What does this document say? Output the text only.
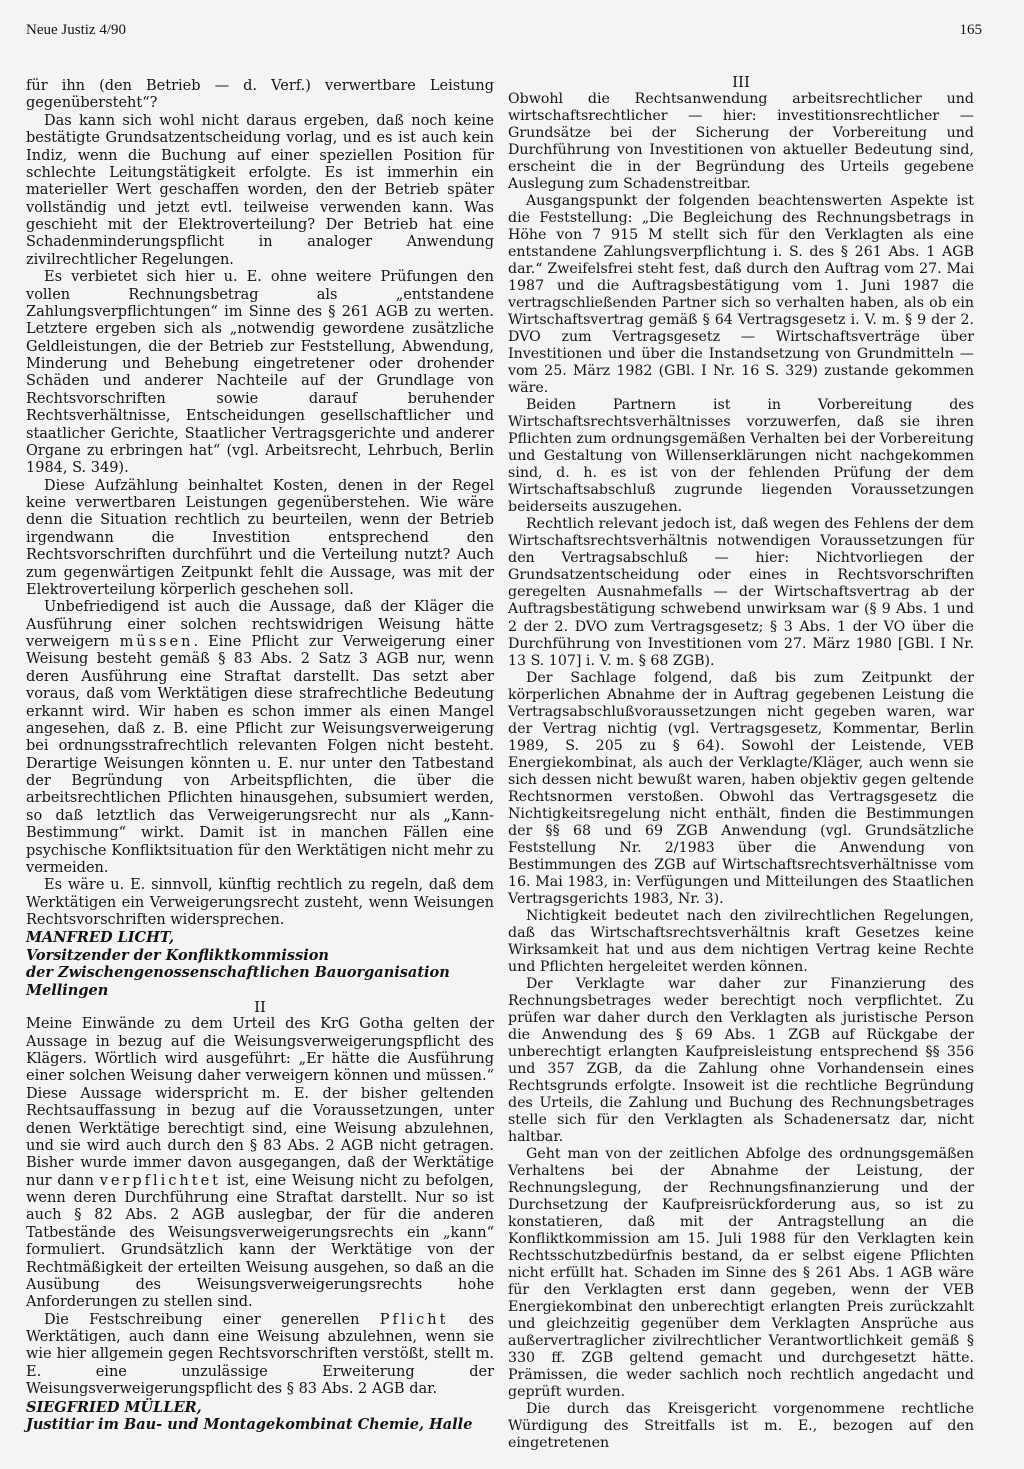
Neue Justiz 4/90	165

für ihn (den Betrieb — d. Verf.) verwertbare Leistung gegenübersteht“?

Das kann sich wohl nicht daraus ergeben, daß noch keine bestätigte Grundsatzentscheidung vorlag, und es ist auch kein Indiz, wenn die Buchung auf einer speziellen Position für schlechte Leitungstätigkeit erfolgte. Es ist immerhin ein materieller Wert geschaffen worden, den der Betrieb später vollständig und jetzt evtl. teilweise verwenden kann. Was geschieht mit der Elektroverteilung? Der Betrieb hat eine Schadenminderungspflicht in analoger Anwendung zivilrechtlicher Regelungen.

Es verbietet sich hier u. E. ohne weitere Prüfungen den vollen Rechnungsbetrag als „entstandene Zahlungsverpflichtungen“ im Sinne des § 261 AGB zu werten. Letztere ergeben sich als „notwendig gewordene zusätzliche Geldleistungen, die der Betrieb zur Feststellung, Abwendung, Minderung und Behebung eingetretener oder drohender Schäden und anderer Nachteile auf der Grundlage von Rechtsvorschriften sowie darauf beruhender Rechtsverhältnisse, Entscheidungen gesellschaftlicher und staatlicher Gerichte, Staatlicher Vertragsgerichte und anderer Organe zu erbringen hat“ (vgl. Arbeitsrecht, Lehrbuch, Berlin 1984, S. 349).

Diese Aufzählung beinhaltet Kosten, denen in der Regel keine verwertbaren Leistungen gegenüberstehen. Wie wäre denn die Situation rechtlich zu beurteilen, wenn der Betrieb irgendwann die Investition entsprechend den Rechtsvorschriften durchführt und die Verteilung nutzt? Auch zum gegenwärtigen Zeitpunkt fehlt die Aussage, was mit der Elektroverteilung körperlich geschehen soll.

Unbefriedigend ist auch die Aussage, daß der Kläger die Ausführung einer solchen rechtswidrigen Weisung hätte verweigern müssen. Eine Pflicht zur Verweigerung einer Weisung besteht gemäß § 83 Abs. 2 Satz 3 AGB nur, wenn deren Ausführung eine Straftat darstellt. Das setzt aber voraus, daß vom Werktätigen diese strafrechtliche Bedeutung erkannt wird. Wir haben es schon immer als einen Mangel angesehen, daß z. B. eine Pflicht zur Weisungsverweigerung bei ordnungsstrafrechtlich relevanten Folgen nicht besteht. Derartige Weisungen könnten u. E. nur unter den Tatbestand der Begründung von Arbeitspflichten, die über die arbeitsrechtlichen Pflichten hinausgehen, subsumiert werden, so daß letztlich das Verweigerungsrecht nur als „Kann-Bestimmung“ wirkt. Damit ist in manchen Fällen eine psychische Konfliktsituation für den Werktätigen nicht mehr zu vermeiden.

Es wäre u. E. sinnvoll, künftig rechtlich zu regeln, daß dem Werktätigen ein Verweigerungsrecht zusteht, wenn Weisungen Rechtsvorschriften widersprechen.

MANFRED LICHT,

Vorsitzender der Konfliktkommission

der Zwischengenossenschaftlichen Bauorganisation Mellingen

II

Meine Einwände zu dem Urteil des KrG Gotha gelten der Aussage in bezug auf die Weisungsverweigerungspflicht des Klägers. Wörtlich wird ausgeführt: „Er hätte die Ausführung einer solchen Weisung daher verweigern können und müssen.“ Diese Aussage widerspricht m. E. der bisher geltenden Rechtsauffassung in bezug auf die Voraussetzungen, unter denen Werktätige berechtigt sind, eine Weisung abzulehnen, und sie wird auch durch den § 83 Abs. 2 AGB nicht getragen. Bisher wurde immer davon ausgegangen, daß der Werktätige nur dann verpflichtet ist, eine Weisung nicht zu befolgen, wenn deren Durchführung eine Straftat darstellt. Nur so ist auch § 82 Abs. 2 AGB auslegbar, der für die anderen Tatbestände des Weisungsverweigerungsrechts ein „kann“ formuliert. Grundsätzlich kann der Werktätige von der Rechtmäßigkeit der erteilten Weisung ausgehen, so daß an die Ausübung des Weisungsverweigerungsrechts hohe Anforderungen zu stellen sind.

Die Festschreibung einer generellen Pflicht des Werktätigen, auch dann eine Weisung abzulehnen, wenn sie wie hier allgemein gegen Rechtsvorschriften verstößt, stellt m. E. eine unzulässige Erweiterung der Weisungsverweigerungspflicht des § 83 Abs. 2 AGB dar.

SIEGFRIED MÜLLER,

Justitiar im Bau- und Montagekombinat Chemie, Halle

III

Obwohl die Rechtsanwendung arbeitsrechtlicher und wirtschaftsrechtlicher — hier: investitionsrechtlicher — Grundsätze bei der Sicherung der Vorbereitung und Durchführung von Investitionen von aktueller Bedeutung sind, erscheint die in der Begründung des Urteils gegebene Auslegung zum Schadenstreitbar.

Ausgangspunkt der folgenden beachtenswerten Aspekte ist die Feststellung: „Die Begleichung des Rechnungsbetrags in Höhe von 7 915 M stellt sich für den Verklagten als eine entstandene Zahlungsverpflichtung i. S. des § 261 Abs. 1 AGB dar.“ Zweifelsfrei steht fest, daß durch den Auftrag vom 27. Mai 1987 und die Auftragsbestätigung vom 1. Juni 1987 die vertragschließenden Partner sich so verhalten haben, als ob ein Wirtschaftsvertrag gemäß § 64 Vertragsgesetz i. V. m. § 9 der 2. DVO zum Vertragsgesetz — Wirtschaftsverträge über Investitionen und über die Instandsetzung von Grundmitteln — vom 25. März 1982 (GBl. I Nr. 16 S. 329) zustande gekommen wäre.

Beiden Partnern ist in Vorbereitung des Wirtschaftsrechtsverhältnisses vorzuwerfen, daß sie ihren Pflichten zum ordnungsgemäßen Verhalten bei der Vorbereitung und Gestaltung von Willenserklärungen nicht nachgekommen sind, d. h. es ist von der fehlenden Prüfung der dem Wirtschaftsabschluß zugrunde liegenden Voraussetzungen beiderseits auszugehen.

Rechtlich relevant jedoch ist, daß wegen des Fehlens der dem Wirtschaftsrechtsverhältnis notwendigen Voraussetzungen für den Vertragsabschluß — hier: Nichtvorliegen der Grundsatzentscheidung oder eines in Rechtsvorschriften geregelten Ausnahmefalls — der Wirtschaftsvertrag ab der Auftragsbestätigung schwebend unwirksam war (§ 9 Abs. 1 und 2 der 2. DVO zum Vertragsgesetz; § 3 Abs. 1 der VO über die Durchführung von Investitionen vom 27. März 1980 [GBl. I Nr. 13 S. 107] i. V. m. § 68 ZGB).

Der Sachlage folgend, daß bis zum Zeitpunkt der körperlichen Abnahme der in Auftrag gegebenen Leistung die Vertragsabschlußvoraussetzungen nicht gegeben waren, war der Vertrag nichtig (vgl. Vertragsgesetz, Kommentar, Berlin 1989, S. 205 zu § 64). Sowohl der Leistende, VEB Energiekombinat, als auch der Verklagte/Kläger, auch wenn sie sich dessen nicht bewußt waren, haben objektiv gegen geltende Rechtsnormen verstoßen. Obwohl das Vertragsgesetz die Nichtigkeitsregelung nicht enthält, finden die Bestimmungen der §§ 68 und 69 ZGB Anwendung (vgl. Grundsätzliche Feststellung Nr. 2/1983 über die Anwendung von Bestimmungen des ZGB auf Wirtschaftsrechtsverhältnisse vom 16. Mai 1983, in: Verfügungen und Mitteilungen des Staatlichen Vertragsgerichts 1983, Nr. 3).

Nichtigkeit bedeutet nach den zivilrechtlichen Regelungen, daß das Wirtschaftsrechtsverhältnis kraft Gesetzes keine Wirksamkeit hat und aus dem nichtigen Vertrag keine Rechte und Pflichten hergeleitet werden können.

Der Verklagte war daher zur Finanzierung des Rechnungsbetrages weder berechtigt noch verpflichtet. Zu prüfen war daher durch den Verklagten als juristische Person die Anwendung des § 69 Abs. 1 ZGB auf Rückgabe der unberechtigt erlangten Kaufpreisleistung entsprechend §§ 356 und 357 ZGB, da die Zahlung ohne Vorhandensein eines Rechtsgrunds erfolgte. Insoweit ist die rechtliche Begründung des Urteils, die Zahlung und Buchung des Rechnungsbetrages stelle sich für den Verklagten als Schadenersatz dar, nicht haltbar.

Geht man von der zeitlichen Abfolge des ordnungsgemäßen Verhaltens bei der Abnahme der Leistung, der Rechnungslegung, der Rechnungsfinanzierung und der Durchsetzung der Kaufpreisrückforderung aus, so ist zu konstatieren, daß mit der Antragstellung an die Konfliktkommission am 15. Juli 1988 für den Verklagten kein Rechtsschutzbedürfnis bestand, da er selbst eigene Pflichten nicht erfüllt hat. Schaden im Sinne des § 261 Abs. 1 AGB wäre für den Verklagten erst dann gegeben, wenn der VEB Energiekombinat den unberechtigt erlangten Preis zurückzahlt und gleichzeitig gegenüber dem Verklagten Ansprüche aus außervertraglicher zivilrechtlicher Verantwortlichkeit gemäß § 330 ff. ZGB geltend gemacht und durchgesetzt hätte. Prämissen, die weder sachlich noch rechtlich angedacht und geprüft wurden.

Die durch das Kreisgericht vorgenommene rechtliche Würdigung des Streitfalls ist m. E., bezogen auf den eingetretenen
